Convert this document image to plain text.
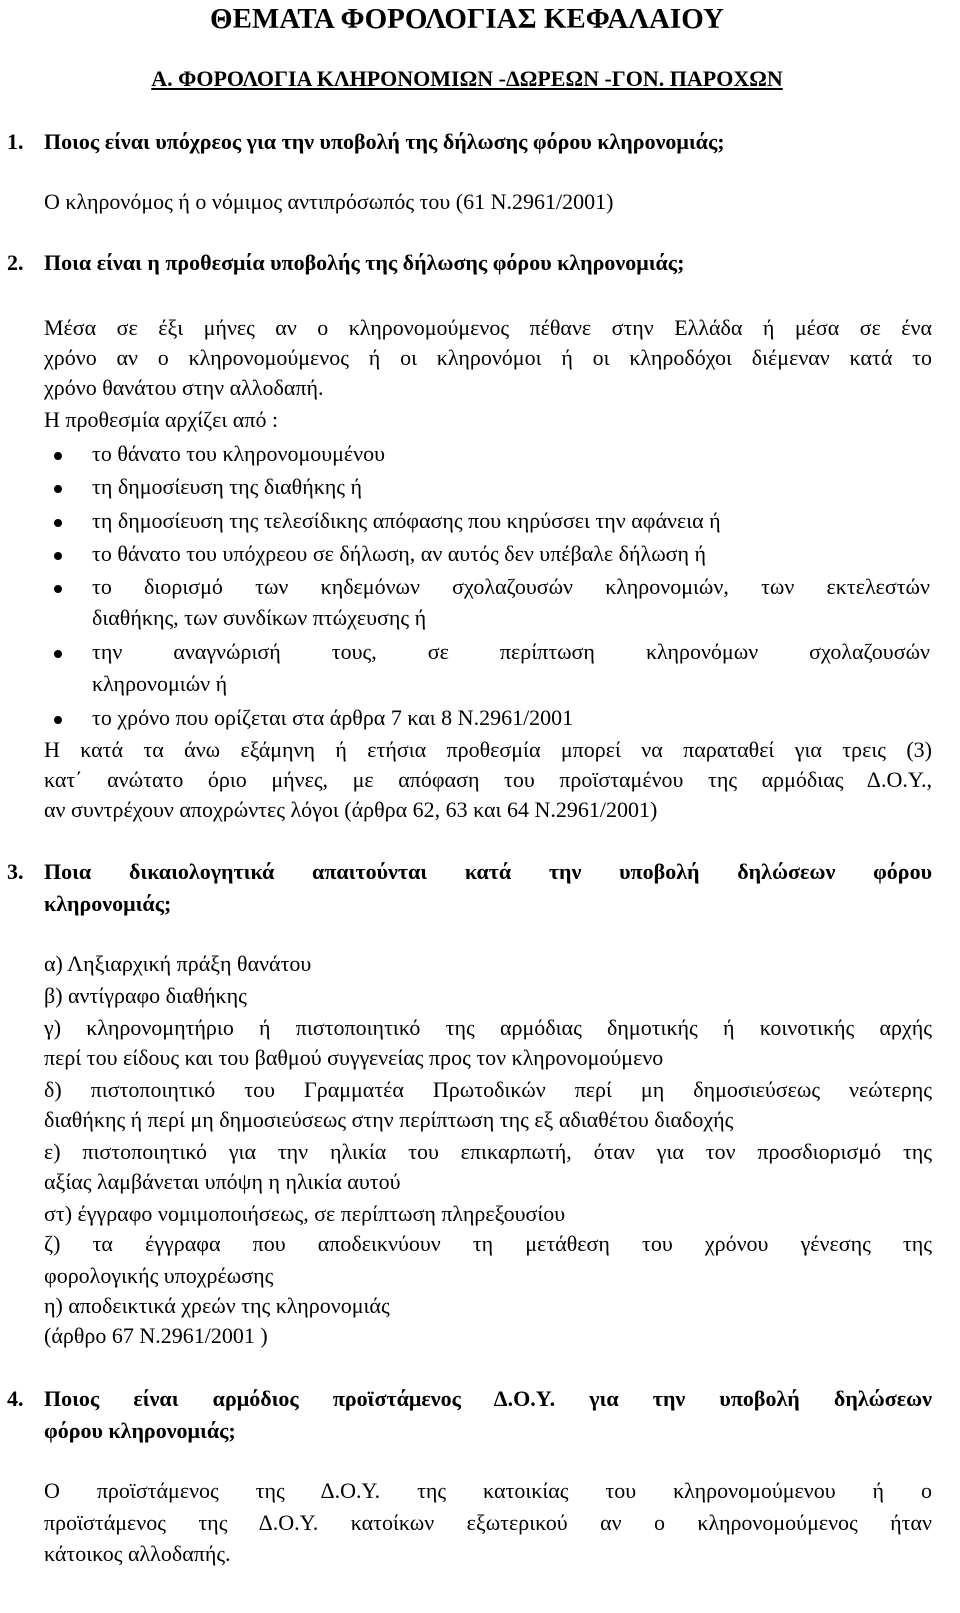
ΘΕΜΑΤΑ ΦΟΡΟΛΟΓΙΑΣ ΚΕΦΑΛΑΙΟΥ
Α. ΦΟΡΟΛΟΓΙΑ ΚΛΗΡΟΝΟΜΙΩΝ -ΔΩΡΕΩΝ -ΓΟΝ. ΠΑΡΟΧΩΝ
1. Ποιος είναι υπόχρεος για την υποβολή της δήλωσης φόρου κληρονομιάς;
Ο κληρονόμος ή ο νόμιμος αντιπρόσωπός του (61 Ν.2961/2001)
2. Ποια είναι η προθεσμία υποβολής της δήλωσης φόρου κληρονομιάς;
Μέσα σε έξι μήνες αν ο κληρονομούμενος πέθανε στην Ελλάδα ή μέσα σε ένα
χρόνο αν ο κληρονομούμενος ή οι κληρονόμοι ή οι κληροδόχοι διέμεναν κατά το
χρόνο θανάτου στην αλλοδαπή.
Η προθεσμία αρχίζει από :
το θάνατο του κληρονομουμένου
τη δημοσίευση της διαθήκης ή
τη δημοσίευση της τελεσίδικης απόφασης που κηρύσσει την αφάνεια ή
το θάνατο του υπόχρεου σε δήλωση, αν αυτός δεν υπέβαλε δήλωση ή
το διορισμό των κηδεμόνων σχολαζουσών κληρονομιών, των εκτελεστών
διαθήκης, των συνδίκων πτώχευσης ή
την αναγνώρισή τους, σε περίπτωση κληρονόμων σχολαζουσών
κληρονομιών ή
το χρόνο που ορίζεται στα άρθρα 7 και 8 Ν.2961/2001
Η κατά τα άνω εξάμηνη ή ετήσια προθεσμία μπορεί να παραταθεί για τρεις (3)
κατ΄ ανώτατο όριο μήνες, με απόφαση του προϊσταμένου της αρμόδιας Δ.Ο.Υ.,
αν συντρέχουν αποχρώντες λόγοι (άρθρα 62, 63 και 64 Ν.2961/2001)
3. Ποια δικαιολογητικά απαιτούνται κατά την υποβολή δηλώσεων φόρου
κληρονομιάς;
α) Ληξιαρχική πράξη θανάτου
β) αντίγραφο διαθήκης
γ) κληρονομητήριο ή πιστοποιητικό της αρμόδιας δημοτικής ή κοινοτικής αρχής
περί του είδους και του βαθμού συγγενείας προς τον κληρονομούμενο
δ) πιστοποιητικό του Γραμματέα Πρωτοδικών περί μη δημοσιεύσεως νεώτερης
διαθήκης ή περί μη δημοσιεύσεως στην περίπτωση της εξ αδιαθέτου διαδοχής
ε) πιστοποιητικό για την ηλικία του επικαρπωτή, όταν για τον προσδιορισμό της
αξίας λαμβάνεται υπόψη η ηλικία αυτού
στ) έγγραφο νομιμοποιήσεως, σε περίπτωση πληρεξουσίου
ζ) τα έγγραφα που αποδεικνύουν τη μετάθεση του χρόνου γένεσης της
φορολογικής υποχρέωσης
η) αποδεικτικά χρεών της κληρονομιάς
(άρθρο 67 Ν.2961/2001 )
4. Ποιος είναι αρμόδιος προϊστάμενος Δ.Ο.Υ. για την υποβολή δηλώσεων
φόρου κληρονομιάς;
Ο προϊστάμενος της Δ.Ο.Υ. της κατοικίας του κληρονομούμενου ή ο
προϊστάμενος της Δ.Ο.Υ. κατοίκων εξωτερικού αν ο κληρονομούμενος ήταν
κάτοικος αλλοδαπής.
